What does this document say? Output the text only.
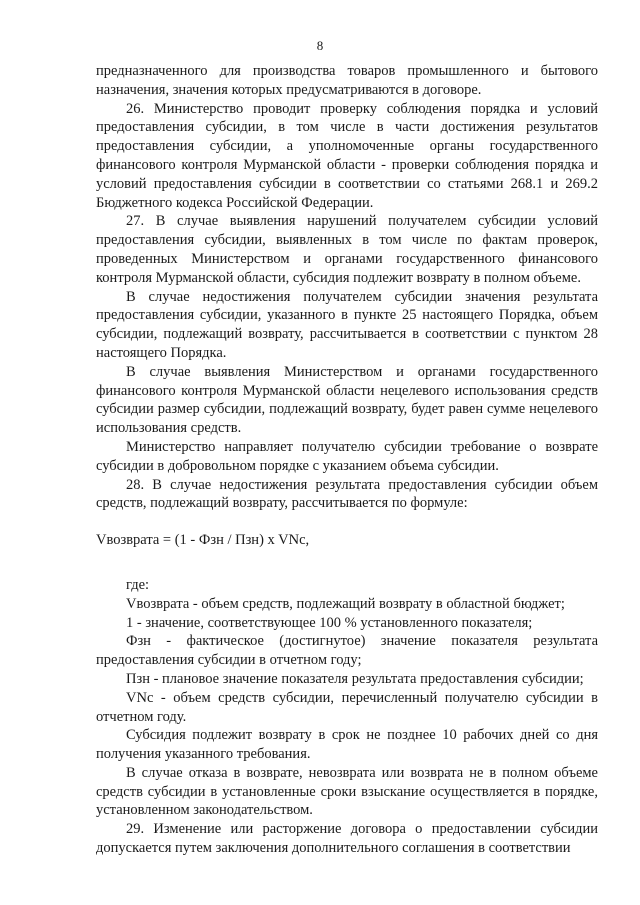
8

предназначенного для производства товаров промышленного и бытового назначения, значения которых предусматриваются в договоре.

26. Министерство проводит проверку соблюдения порядка и условий предоставления субсидии, в том числе в части достижения результатов предоставления субсидии, а уполномоченные органы государственного финансового контроля Мурманской области - проверки соблюдения порядка и условий предоставления субсидии в соответствии со статьями 268.1 и 269.2 Бюджетного кодекса Российской Федерации.

27. В случае выявления нарушений получателем субсидии условий предоставления субсидии, выявленных в том числе по фактам проверок, проведенных Министерством и органами государственного финансового контроля Мурманской области, субсидия подлежит возврату в полном объеме.

В случае недостижения получателем субсидии значения результата предоставления субсидии, указанного в пункте 25 настоящего Порядка, объем субсидии, подлежащий возврату, рассчитывается в соответствии с пунктом 28 настоящего Порядка.

В случае выявления Министерством и органами государственного финансового контроля Мурманской области нецелевого использования средств субсидии размер субсидии, подлежащий возврату, будет равен сумме нецелевого использования средств.

Министерство направляет получателю субсидии требование о возврате субсидии в добровольном порядке с указанием объема субсидии.

28. В случае недостижения результата предоставления субсидии объем средств, подлежащий возврату, рассчитывается по формуле:

Vвозврата = (1 - Фзн / Пзн) x VNс,

где:

Vвозврата - объем средств, подлежащий возврату в областной бюджет;

1 - значение, соответствующее 100 % установленного показателя;

Фзн - фактическое (достигнутое) значение показателя результата предоставления субсидии в отчетном году;

Пзн - плановое значение показателя результата предоставления субсидии;

VNс - объем средств субсидии, перечисленный получателю субсидии в отчетном году.

Субсидия подлежит возврату в срок не позднее 10 рабочих дней со дня получения указанного требования.

В случае отказа в возврате, невозврата или возврата не в полном объеме средств субсидии в установленные сроки взыскание осуществляется в порядке, установленном законодательством.

29. Изменение или расторжение договора о предоставлении субсидии допускается путем заключения дополнительного соглашения в соответствии
